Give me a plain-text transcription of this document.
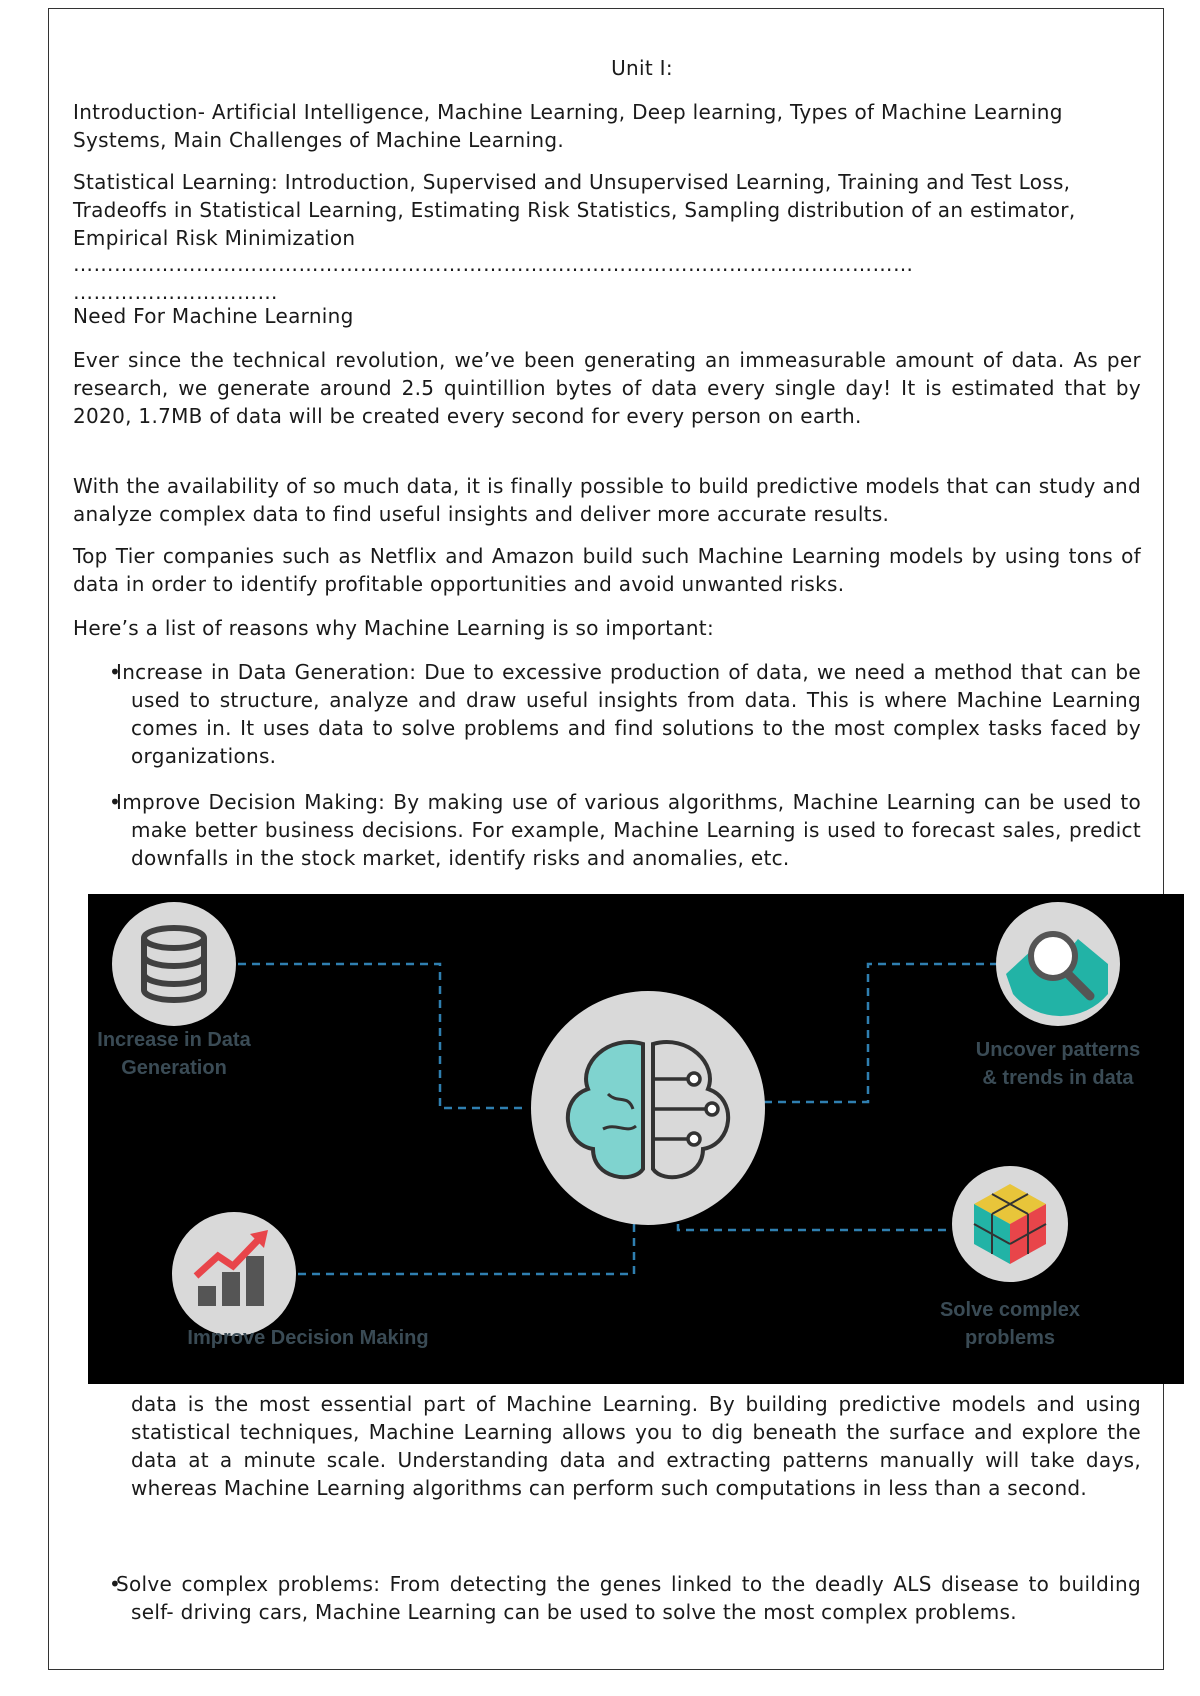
Unit I:

Introduction- Artificial Intelligence, Machine Learning, Deep learning, Types of Machine Learning Systems, Main Challenges of Machine Learning.

Statistical Learning: Introduction, Supervised and Unsupervised Learning, Training and Test Loss, Tradeoffs in Statistical Learning, Estimating Risk Statistics, Sampling distribution of an estimator, Empirical Risk Minimization

……………………………………………………………………………………………………………
…………………………

Need For Machine Learning

Ever since the technical revolution, we’ve been generating an immeasurable amount of data. As per research, we generate around 2.5 quintillion bytes of data every single day! It is estimated that by 2020, 1.7MB of data will be created every second for every person on earth.

With the availability of so much data, it is finally possible to build predictive models that can study and analyze complex data to find useful insights and deliver more accurate results.

Top Tier companies such as Netflix and Amazon build such Machine Learning models by using tons of data in order to identify profitable opportunities and avoid unwanted risks.

Here’s a list of reasons why Machine Learning is so important:

• Increase in Data Generation: Due to excessive production of data, we need a method that can be used to structure, analyze and draw useful insights from data. This is where Machine Learning comes in. It uses data to solve problems and find solutions to the most complex tasks faced by organizations.
• Improve Decision Making: By making use of various algorithms, Machine Learning can be used to make better business decisions. For example, Machine Learning is used to forecast sales, predict downfalls in the stock market, identify risks and anomalies, etc.
Increase in Data
Generation
Uncover patterns
& trends in data
Improve Decision Making
Solve complex
problems

data is the most essential part of Machine Learning. By building predictive models and using statistical techniques, Machine Learning allows you to dig beneath the surface and explore the data at a minute scale. Understanding data and extracting patterns manually will take days, whereas Machine Learning algorithms can perform such computations in less than a second.

• Solve complex problems: From detecting the genes linked to the deadly ALS disease to building self- driving cars, Machine Learning can be used to solve the most complex problems.
